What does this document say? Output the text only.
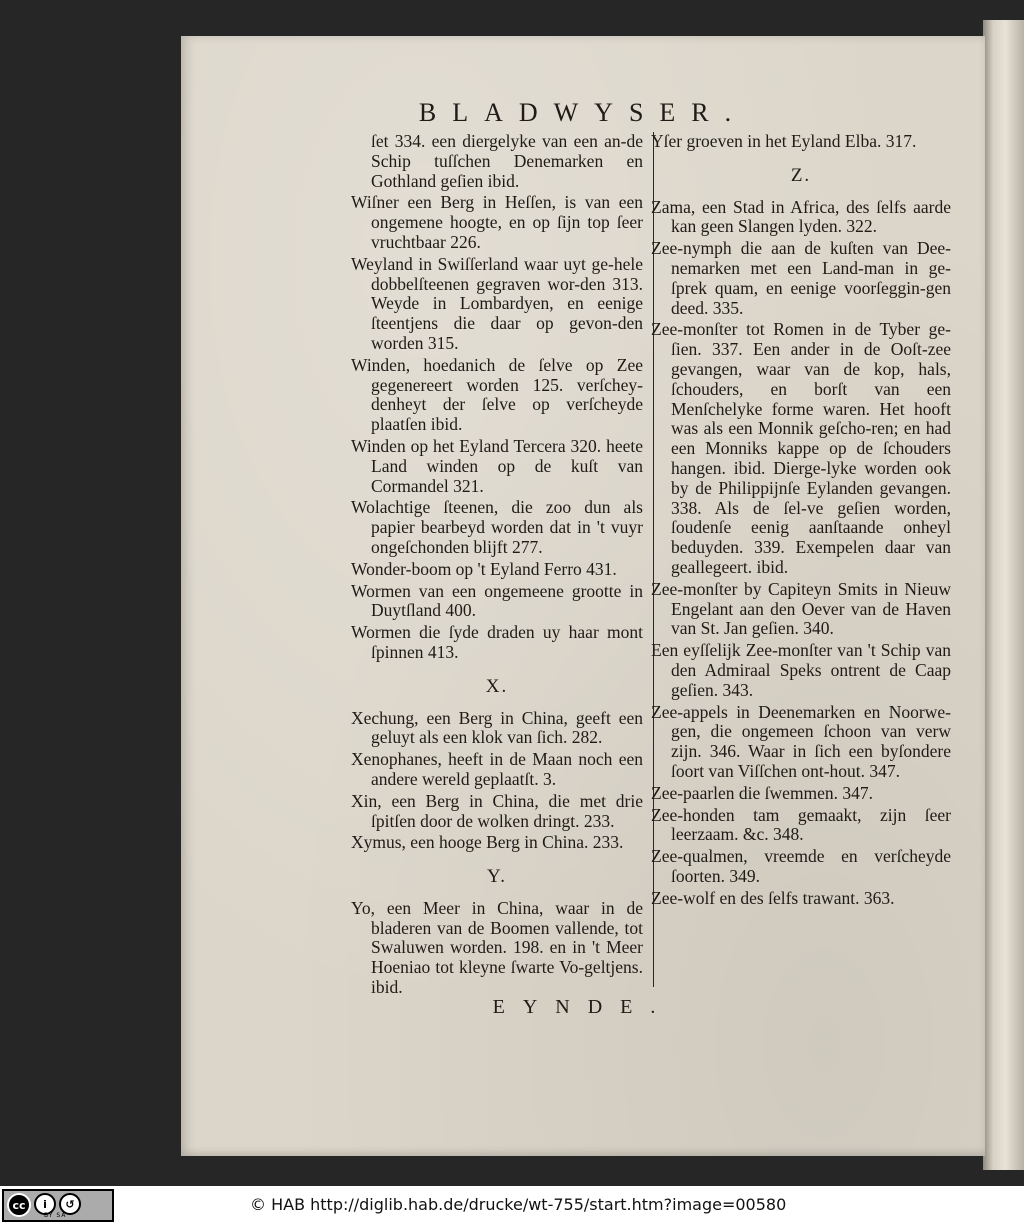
BLADWYSER.
ſet 334. een diergelyke van een an-de Schip tuſſchen Denemarken en Gothland geſien ibid.
Wiſner een Berg in Heſſen, is van een ongemene hoogte, en op ſijn top ſeer vruchtbaar 226.
Weyland in Swiſſerland waar uyt ge-hele dobbelſteenen gegraven wor-den 313. Weyde in Lombardyen, en eenige ſteentjens die daar op gevon-den worden 315.
Winden, hoedanich de ſelve op Zee gegenereert worden 125. verſchey-denheyt der ſelve op verſcheyde plaatſen ibid.
Winden op het Eyland Tercera 320. heete Land winden op de kuſt van Cormandel 321.
Wolachtige ſteenen, die zoo dun als papier bearbeyd worden dat in 't vuyr ongeſchonden blijft 277.
Wonder-boom op 't Eyland Ferro 431.
Wormen van een ongemeene grootte in Duytſland 400.
Wormen die ſyde draden uy haar mont ſpinnen 413.
X.
Xechung, een Berg in China, geeft een geluyt als een klok van ſich. 282.
Xenophanes, heeft in de Maan noch een andere wereld geplaatſt. 3.
Xin, een Berg in China, die met drie ſpitſen door de wolken dringt. 233.
Xymus, een hooge Berg in China. 233.
Y.
Yo, een Meer in China, waar in de bladeren van de Boomen vallende, tot Swaluwen worden. 198. en in 't Meer Hoeniao tot kleyne ſwarte Vo-geltjens. ibid.
Yſer groeven in het Eyland Elba. 317.
Z.
Zama, een Stad in Africa, des ſelfs aarde kan geen Slangen lyden. 322.
Zee-nymph die aan de kuſten van Dee-nemarken met een Land-man in ge-ſprek quam, en eenige voorſeggin-gen deed. 335.
Zee-monſter tot Romen in de Tyber ge-ſien. 337. Een ander in de Ooſt-zee gevangen, waar van de kop, hals, ſchouders, en borſt van een Menſchelyke forme waren. Het hooft was als een Monnik geſcho-ren; en had een Monniks kappe op de ſchouders hangen. ibid. Dierge-lyke worden ook by de Philippijnſe Eylanden gevangen. 338. Als de ſel-ve geſien worden, ſoudenſe eenig aanſtaande onheyl beduyden. 339. Exempelen daar van geallegeert. ibid.
Zee-monſter by Capiteyn Smits in Nieuw Engelant aan den Oever van de Haven van St. Jan geſien. 340.
Een eyſſelijk Zee-monſter van 't Schip van den Admiraal Speks ontrent de Caap geſien. 343.
Zee-appels in Deenemarken en Noorwe-gen, die ongemeen ſchoon van verw zijn. 346. Waar in ſich een byſondere ſoort van Viſſchen ont-hout. 347.
Zee-paarlen die ſwemmen. 347.
Zee-honden tam gemaakt, zijn ſeer leerzaam. &c. 348.
Zee-qualmen, vreemde en verſcheyde ſoorten. 349.
Zee-wolf en des ſelfs trawant. 363.
EYNDE.
cc	i	↺
BY SA
© HAB http://diglib.hab.de/drucke/wt-755/start.htm?image=00580
